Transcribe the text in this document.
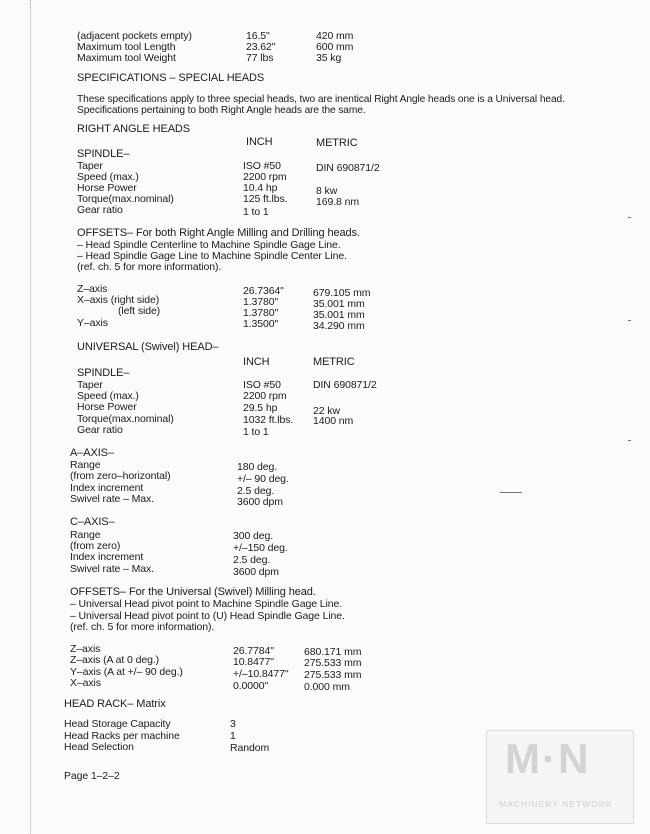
(adjacent pockets empty)	16.5"	420 mm
Maximum tool Length	23.62"	600 mm
Maximum tool Weight	77 lbs	35 kg
SPECIFICATIONS – SPECIAL HEADS
These specifications apply to three special heads, two are inentical Right Angle heads one is a Universal head.
Specifications pertaining to both Right Angle heads are the same.
RIGHT ANGLE HEADS
INCH	METRIC
SPINDLE–
Taper	ISO #50	DIN 690871/2
Speed (max.)	2200 rpm
Horse Power	10.4 hp	8 kw
Torque(max.nominal)	125 ft.lbs.	169.8 nm
Gear ratio	1 to 1
OFFSETS– For both Right Angle Milling and Drilling heads.
– Head Spindle Centerline to Machine Spindle Gage Line.
– Head Spindle Gage Line to Machine Spindle Center Line.
(ref. ch. 5 for more information).
Z–axis	26.7364"	679.105 mm
X–axis (right side)	1.3780"	35.001 mm
(left side)	1.3780"	35.001 mm
Y–axis	1.3500"	34.290 mm
UNIVERSAL (Swivel) HEAD–
INCH	METRIC
SPINDLE–
Taper	ISO #50	DIN 690871/2
Speed (max.)	2200 rpm
Horse Power	29.5 hp	22 kw
Torque(max.nominal)	1032 ft.lbs. 1400 nm
Gear ratio	1 to 1
A–AXIS–
Range	180 deg.
(from zero–horizontal)	+/– 90 deg.
Index increment	2.5 deg.
Swivel rate – Max.	3600 dpm
C–AXIS–
Range	300 deg.
(from zero)	+/–150 deg.
Index increment	2.5 deg.
Swivel rate – Max.	3600 dpm
OFFSETS– For the Universal (Swivel) Milling head.
– Universal Head pivot point to Machine Spindle Gage Line.
– Universal Head pivot point to (U) Head Spindle Gage Line.
(ref. ch. 5 for more information).
Z–axis	26.7784"	680.171 mm
Z–axis (A at 0 deg.)	10.8477"	275.533 mm
Y–axis (A at +/– 90 deg.)	+/–10.8477" 275.533 mm
X–axis	0.0000"	0.000 mm
HEAD RACK– Matrix
Head Storage Capacity	3
Head Racks per machine	1
Head Selection	Random
Page 1–2–2	M·N
MACHINERY NETWORK
